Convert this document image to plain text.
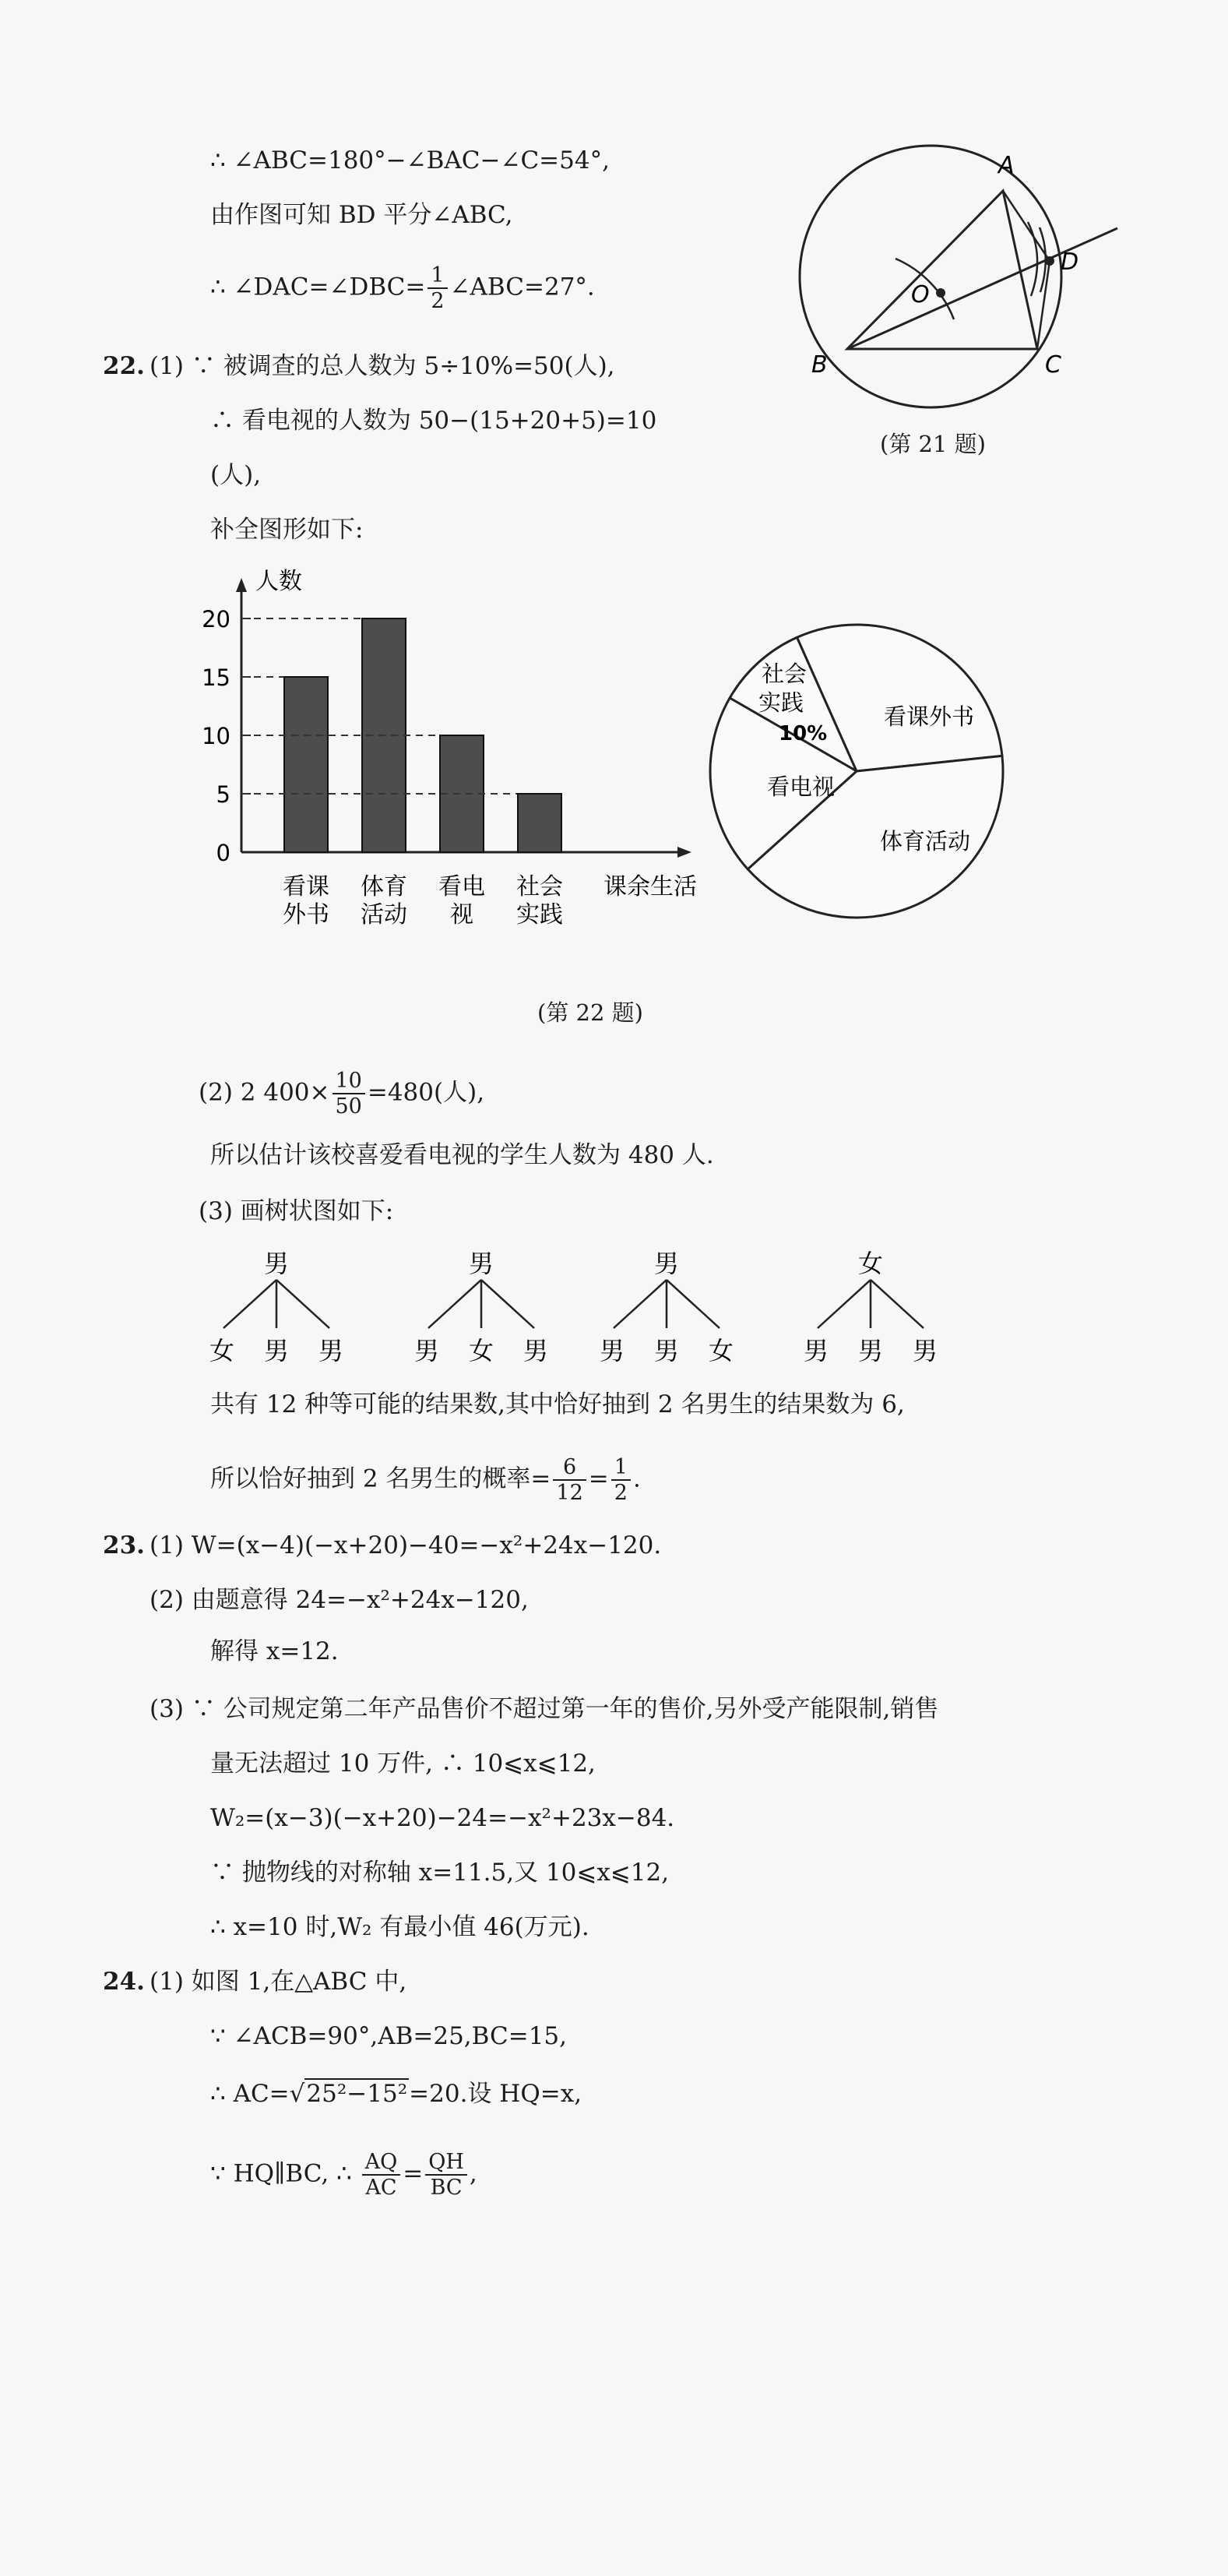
∴ ∠ABC=180°−∠BAC−∠C=54°,
由作图可知 BD 平分∠ABC,
∴ ∠DAC=∠DBC= $\frac{1}{2}$ ∠ABC=27°.
A
B	C
D
O
(第 21 题)
22. (1) ∵ 被调查的总人数为 5÷10%=50(人),
∴ 看电视的人数为 50−(15+20+5)=10
(人),
补全图形如下:
人数
课余生活
0
5
10
15
20
看课
外书
体育
活动
看电
视
社会
实践
社会
实践
10%
看课外书
体育活动
看电视
(第 22 题)
(2) 2 $400\times \frac{10}{50} =480$(人),
所以估计该校喜爱看电视的学生人数为 480 人.
(3) 画树状图如下:
男
女 男 男
男
男 女 男
男
男 男 女
女
男 男 男
共有 12 种等可能的结果数,其中恰好抽到 2 名男生的结果数为 6,
所以恰好抽到 2 名男生的概率= $\frac{6}{12} = \frac{1}{2}$ .
23. (1) W=(x−4)(−x+20)−40=−x²+24x−120.
(2) 由题意得 24=−x²+24x−120,
解得 x=12.
(3) ∵ 公司规定第二年产品售价不超过第一年的售价,另外受产能限制,销售
量无法超过 10 万件, ∴ 10⩽x⩽12,
W₂=(x−3)(−x+20)−24=−x²+23x−84.
∵ 抛物线的对称轴 x=11.5,又 10⩽x⩽12,
∴ x=10 时,W₂ 有最小值 46(万元).
24. (1) 如图 1,在△ABC 中,
∵ ∠ACB=90°,AB=25,BC=15,
∴ AC=√25²−15²=20.设 HQ=x,
∵ HQ∥BC, ∴ $\frac{AQ}{AC} = \frac{QH}{BC}$ ,
